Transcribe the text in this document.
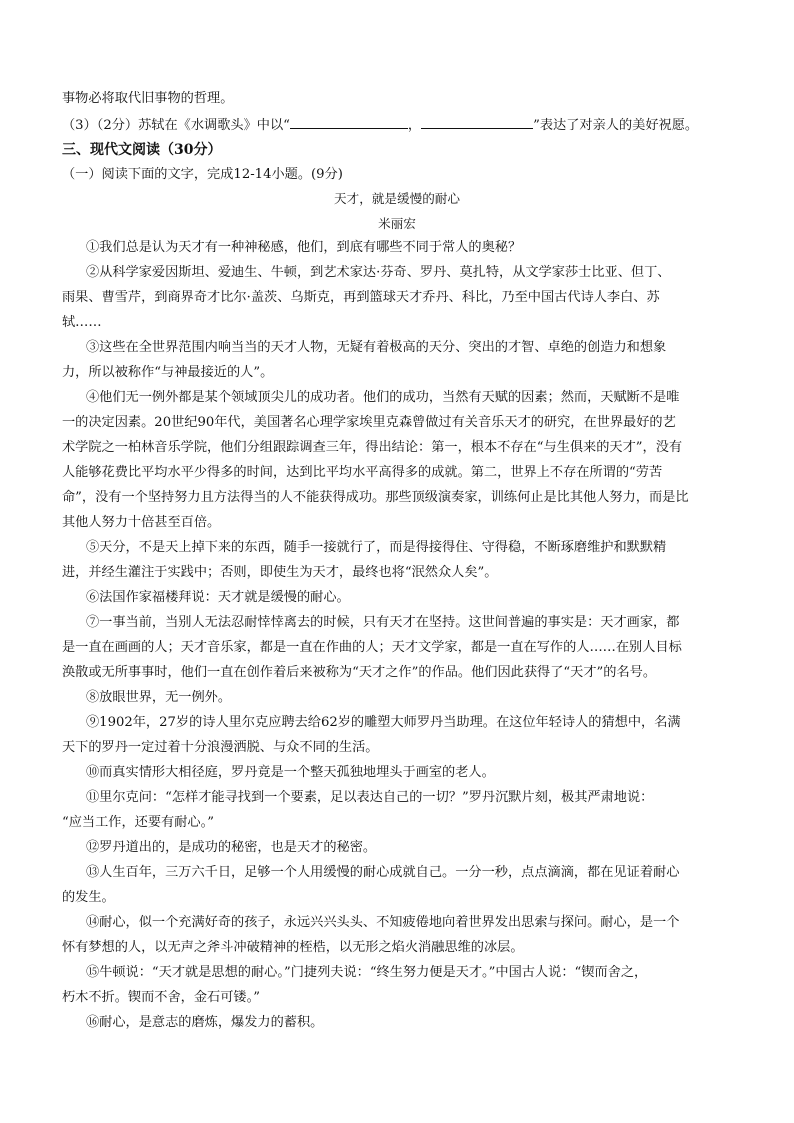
事物必将取代旧事物的哲理。
（3）（2分）苏轼在《水调歌头》中以“	，	”表达了对亲人的美好祝愿。
三、现代文阅读（30分）
（一）阅读下面的文字，完成12-14小题。(9分)
天才，就是缓慢的耐心
米丽宏
①我们总是认为天才有一种神秘感，他们，到底有哪些不同于常人的奥秘？
②从科学家爱因斯坦、爱迪生、牛顿，到艺术家达·芬奇、罗丹、莫扎特，从文学家莎士比亚、但丁、
雨果、曹雪芹，到商界奇才比尔·盖茨、乌斯克，再到篮球天才乔丹、科比，乃至中国古代诗人李白、苏
轼……
③这些在全世界范围内响当当的天才人物，无疑有着极高的天分、突出的才智、卓绝的创造力和想象
力，所以被称作“与神最接近的人”。
④他们无一例外都是某个领域顶尖儿的成功者。他们的成功，当然有天赋的因素；然而，天赋断不是唯
一的决定因素。20世纪90年代，美国著名心理学家埃里克森曾做过有关音乐天才的研究，在世界最好的艺
术学院之一柏林音乐学院，他们分组跟踪调查三年，得出结论：第一，根本不存在“与生俱来的天才”，没有
人能够花费比平均水平少得多的时间，达到比平均水平高得多的成就。第二，世界上不存在所谓的“劳苦
命”，没有一个坚持努力且方法得当的人不能获得成功。那些顶级演奏家，训练何止是比其他人努力，而是比
其他人努力十倍甚至百倍。
⑤天分，不是天上掉下来的东西，随手一接就行了，而是得接得住、守得稳，不断琢磨维护和默默精
进，并经生灌注于实践中；否则，即使生为天才，最终也将“泯然众人矣”。
⑥法国作家福楼拜说：天才就是缓慢的耐心。
⑦一事当前，当别人无法忍耐悻悻离去的时候，只有天才在坚持。这世间普遍的事实是：天才画家，都
是一直在画画的人；天才音乐家，都是一直在作曲的人；天才文学家，都是一直在写作的人……在别人目标
涣散或无所事事时，他们一直在创作着后来被称为“天才之作”的作品。他们因此获得了“天才”的名号。
⑧放眼世界，无一例外。
⑨1902年，27岁的诗人里尔克应聘去给62岁的雕塑大师罗丹当助理。在这位年轻诗人的猜想中，名满
天下的罗丹一定过着十分浪漫洒脱、与众不同的生活。
⑩而真实情形大相径庭，罗丹竟是一个整天孤独地埋头于画室的老人。
⑪里尔克问：“怎样才能寻找到一个要素，足以表达自己的一切？”罗丹沉默片刻，极其严肃地说：
“应当工作，还要有耐心。”
⑫罗丹道出的，是成功的秘密，也是天才的秘密。
⑬人生百年，三万六千日，足够一个人用缓慢的耐心成就自己。一分一秒，点点滴滴，都在见证着耐心
的发生。
⑭耐心，似一个充满好奇的孩子，永远兴兴头头、不知疲倦地向着世界发出思索与探问。耐心，是一个
怀有梦想的人，以无声之斧斗冲破精神的桎梏，以无形之焰火消融思维的冰层。
⑮牛顿说：“天才就是思想的耐心。”门捷列夫说：“终生努力便是天才。”中国古人说：“锲而舍之，
朽木不折。锲而不舍，金石可镂。”
⑯耐心，是意志的磨炼，爆发力的蓄积。
